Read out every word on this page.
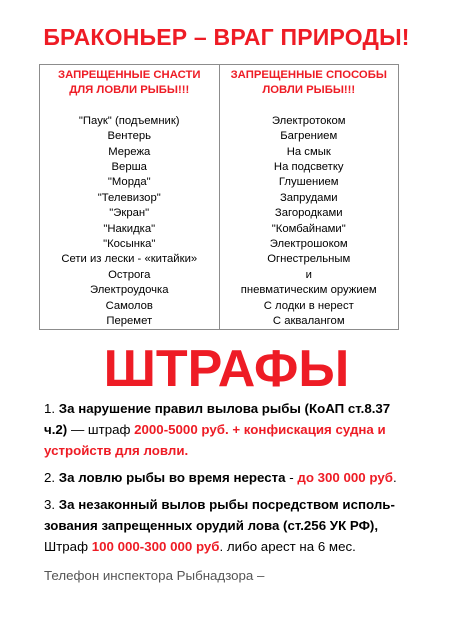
БРАКОНЬЕР – ВРАГ ПРИРОДЫ!
ЗАПРЕЩЕННЫЕ СНАСТИ
ДЛЯ ЛОВЛИ РЫБЫ!!!
"Паук" (подъемник)
Вентерь
Мережа
Верша
"Морда"
"Телевизор"
"Экран"
"Накидка"
"Косынка"
Сети из лески - «китайки»
Острога
Электроудочка
Самолов
Перемет
ЗАПРЕЩЕННЫЕ СПОСОБЫ
ЛОВЛИ РЫБЫ!!!
Электротоком
Багрением
На смык
На подсветку
Глушением
Запрудами
Загородками
"Комбайнами"
Электрошоком
Огнестрельным
и
пневматическим оружием
С лодки в нерест
С аквалангом
ШТРАФЫ

1. За нарушение правил вылова рыбы (КоАП ст.8.37 ч.2) — штраф 2000-5000 руб. + конфискация судна и устройств для ловли.

2. За ловлю рыбы во время нереста - до 300 000 руб.

3. За незаконный вылов рыбы посредством исполь-зования запрещенных орудий лова (ст.256 УК РФ), Штраф 100 000-300 000 руб. либо арест на 6 мес.

Телефон инспектора Рыбнадзора –
